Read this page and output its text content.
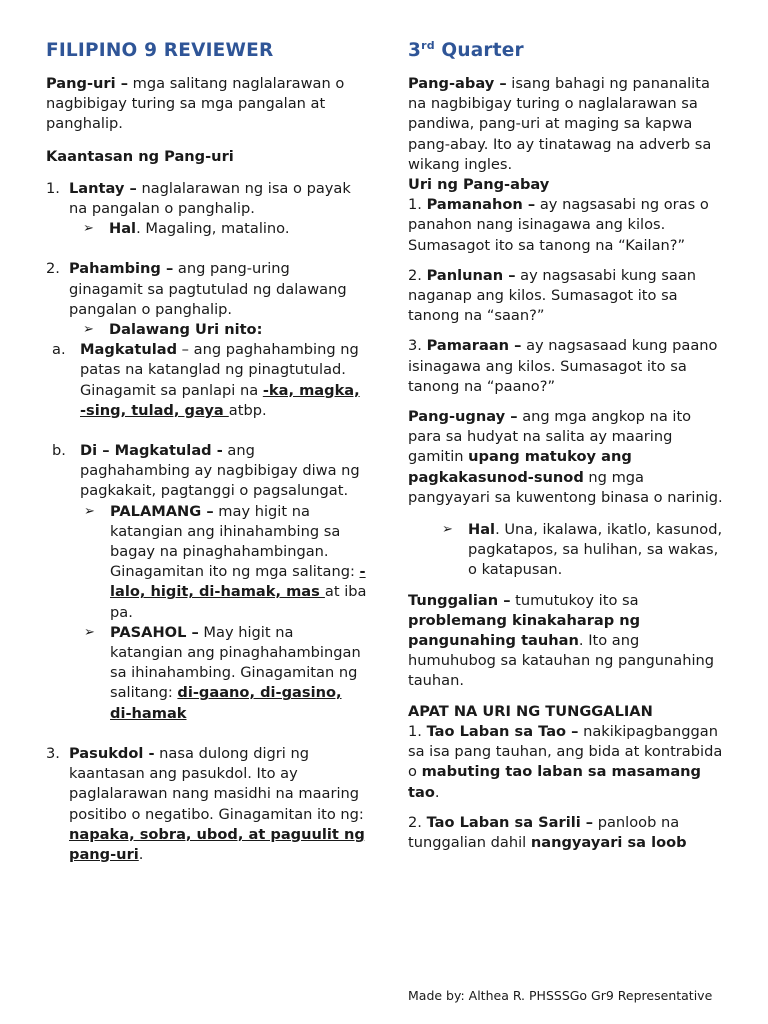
FILIPINO 9 REVIEWER

Pang-uri – mga salitang naglalarawan o nagbibigay turing sa mga pangalan at panghalip.

Kaantasan ng Pang-uri

1. Lantay – naglalarawan ng isa o payak na pangalan o panghalip.
➢ Hal. Magaling, matalino.
2. Pahambing – ang pang-uring ginagamit sa pagtutulad ng dalawang pangalan o panghalip.
➢ Dalawang Uri nito:
a. Magkatulad – ang paghahambing ng patas na katanglad ng pinagtutulad. Ginagamit sa panlapi na -ka, magka, -sing, tulad, gaya atbp.
b. Di – Magkatulad - ang paghahambing ay nagbibigay diwa ng pagkakait, pagtanggi o pagsalungat.
➢ PALAMANG – may higit na katangian ang ihinahambing sa bagay na pinaghahambingan. Ginagamitan ito ng mga salitang: -lalo, higit, di-hamak, mas at iba pa.
➢ PASAHOL – May higit na katangian ang pinaghahambingan sa ihinahambing. Ginagamitan ng salitang: di-gaano, di-gasino, di-hamak
3. Pasukdol - nasa dulong digri ng kaantasan ang pasukdol. Ito ay paglalarawan nang masidhi na maaring positibo o negatibo. Ginagamitan ito ng: napaka, sobra, ubod, at paguulit ng pang-uri.
3rd Quarter

Pang-abay – isang bahagi ng pananalita na nagbibigay turing o naglalarawan sa pandiwa, pang-uri at maging sa kapwa pang-abay. Ito ay tinatawag na adverb sa wikang ingles.

Uri ng Pang-abay

1. Pamanahon – ay nagsasabi ng oras o panahon nang isinagawa ang kilos. Sumasagot ito sa tanong na “Kailan?”

2. Panlunan – ay nagsasabi kung saan naganap ang kilos. Sumasagot ito sa tanong na “saan?”

3. Pamaraan – ay nagsasaad kung paano isinagawa ang kilos. Sumasagot ito sa tanong na “paano?”

Pang-ugnay – ang mga angkop na ito para sa hudyat na salita ay maaring gamitin upang matukoy ang pagkakasunod-sunod ng mga pangyayari sa kuwentong binasa o narinig.

➢ Hal. Una, ikalawa, ikatlo, kasunod, pagkatapos, sa hulihan, sa wakas, o katapusan.

Tunggalian – tumutukoy ito sa problemang kinakaharap ng pangunahing tauhan. Ito ang humuhubog sa katauhan ng pangunahing tauhan.

APAT NA URI NG TUNGGALIAN

1. Tao Laban sa Tao – nakikipagbanggan sa isa pang tauhan, ang bida at kontrabida o mabuting tao laban sa masamang tao.

2. Tao Laban sa Sarili – panloob na tunggalian dahil nangyayari sa loob

Made by: Althea R. PHSSSGo Gr9 Representative
